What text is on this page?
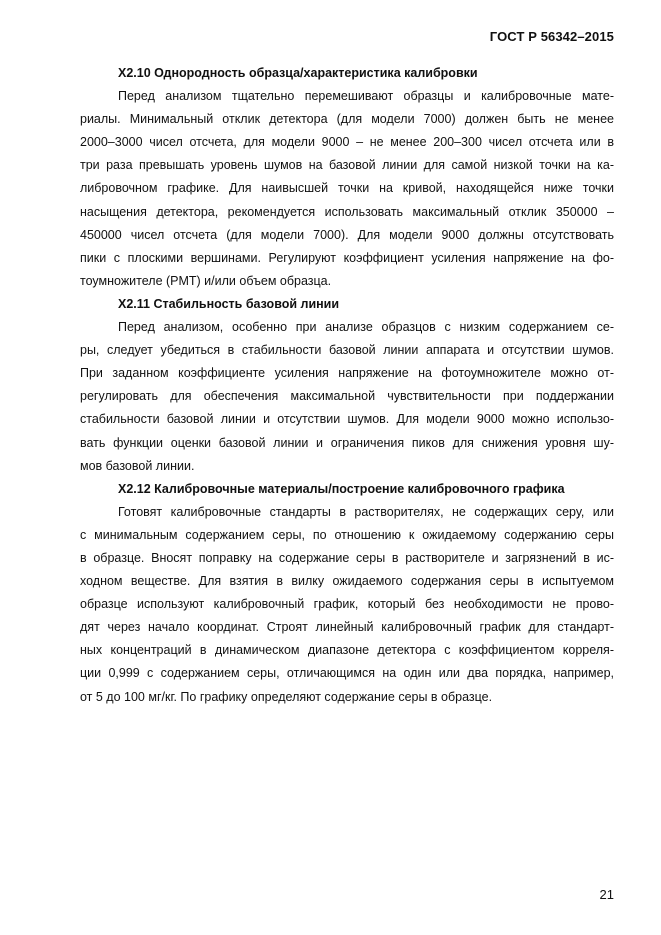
ГОСТ Р 56342–2015
X2.10 Однородность образца/характеристика калибровки
Перед анализом тщательно перемешивают образцы и калибровочные мате-
риалы. Минимальный отклик детектора (для модели 7000) должен быть не менее
2000–3000 чисел отсчета, для модели 9000 – не менее 200–300 чисел отсчета или в
три раза превышать уровень шумов на базовой линии для самой низкой точки на ка-
либровочном графике. Для наивысшей точки на кривой, находящейся ниже точки
насыщения детектора, рекомендуется использовать максимальный отклик 350000 –
450000 чисел отсчета (для модели 7000). Для модели 9000 должны отсутствовать
пики с плоскими вершинами. Регулируют коэффициент усиления напряжение на фо-
тоумножителе (PMT) и/или объем образца.
X2.11 Стабильность базовой линии
Перед анализом, особенно при анализе образцов с низким содержанием се-
ры, следует убедиться в стабильности базовой линии аппарата и отсутствии шумов.
При заданном коэффициенте усиления напряжение на фотоумножителе можно от-
регулировать для обеспечения максимальной чувствительности при поддержании
стабильности базовой линии и отсутствии шумов. Для модели 9000 можно использо-
вать функции оценки базовой линии и ограничения пиков для снижения уровня шу-
мов базовой линии.
X2.12 Калибровочные материалы/построение калибровочного графика
Готовят калибровочные стандарты в растворителях, не содержащих серу, или
с минимальным содержанием серы, по отношению к ожидаемому содержанию серы
в образце. Вносят поправку на содержание серы в растворителе и загрязнений в ис-
ходном веществе. Для взятия в вилку ожидаемого содержания серы в испытуемом
образце используют калибровочный график, который без необходимости не прово-
дят через начало координат. Строят линейный калибровочный график для стандарт-
ных концентраций в динамическом диапазоне детектора с коэффициентом корреля-
ции 0,999 с содержанием серы, отличающимся на один или два порядка, например,
от 5 до 100 мг/кг. По графику определяют содержание серы в образце.
21
